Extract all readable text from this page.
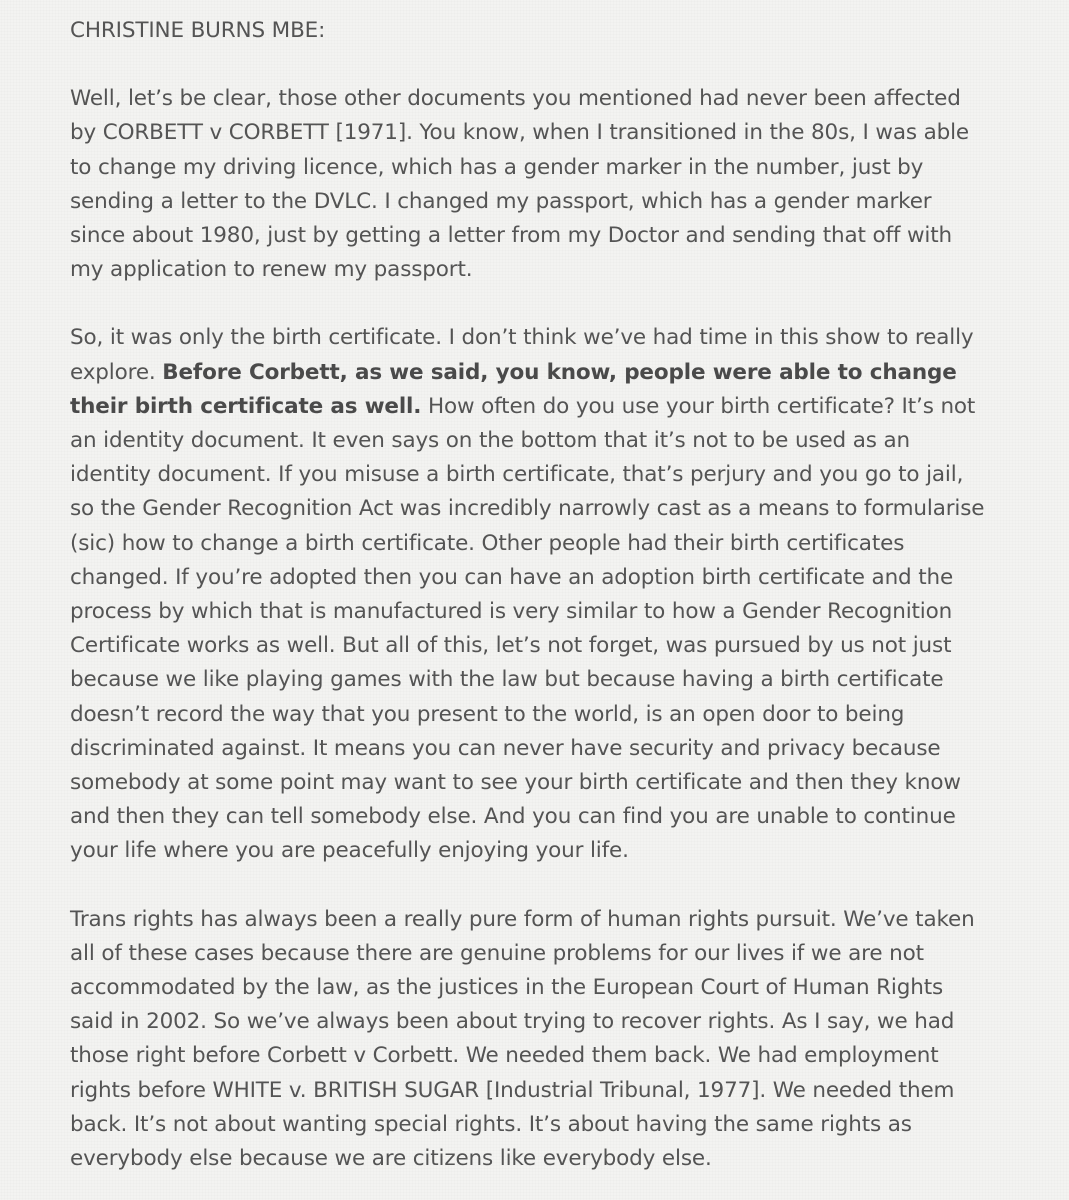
CHRISTINE BURNS MBE:

Well, let’s be clear, those other documents you mentioned had never been affected by CORBETT v CORBETT [1971]. You know, when I transitioned in the 80s, I was able to change my driving licence, which has a gender marker in the number, just by sending a letter to the DVLC. I changed my passport, which has a gender marker since about 1980, just by getting a letter from my Doctor and sending that off with my application to renew my passport.

So, it was only the birth certificate. I don’t think we’ve had time in this show to really explore. Before Corbett, as we said, you know, people were able to change their birth certificate as well. How often do you use your birth certificate? It’s not an identity document. It even says on the bottom that it’s not to be used as an identity document. If you misuse a birth certificate, that’s perjury and you go to jail, so the Gender Recognition Act was incredibly narrowly cast as a means to formularise (sic) how to change a birth certificate. Other people had their birth certificates changed. If you’re adopted then you can have an adoption birth certificate and the process by which that is manufactured is very similar to how a Gender Recognition Certificate works as well. But all of this, let’s not forget, was pursued by us not just because we like playing games with the law but because having a birth certificate doesn’t record the way that you present to the world, is an open door to being discriminated against. It means you can never have security and privacy because somebody at some point may want to see your birth certificate and then they know and then they can tell somebody else. And you can find you are unable to continue your life where you are peacefully enjoying your life.

Trans rights has always been a really pure form of human rights pursuit. We’ve taken all of these cases because there are genuine problems for our lives if we are not accommodated by the law, as the justices in the European Court of Human Rights said in 2002. So we’ve always been about trying to recover rights. As I say, we had those right before Corbett v Corbett. We needed them back. We had employment rights before WHITE v. BRITISH SUGAR [Industrial Tribunal, 1977]. We needed them back. It’s not about wanting special rights. It’s about having the same rights as everybody else because we are citizens like everybody else.
